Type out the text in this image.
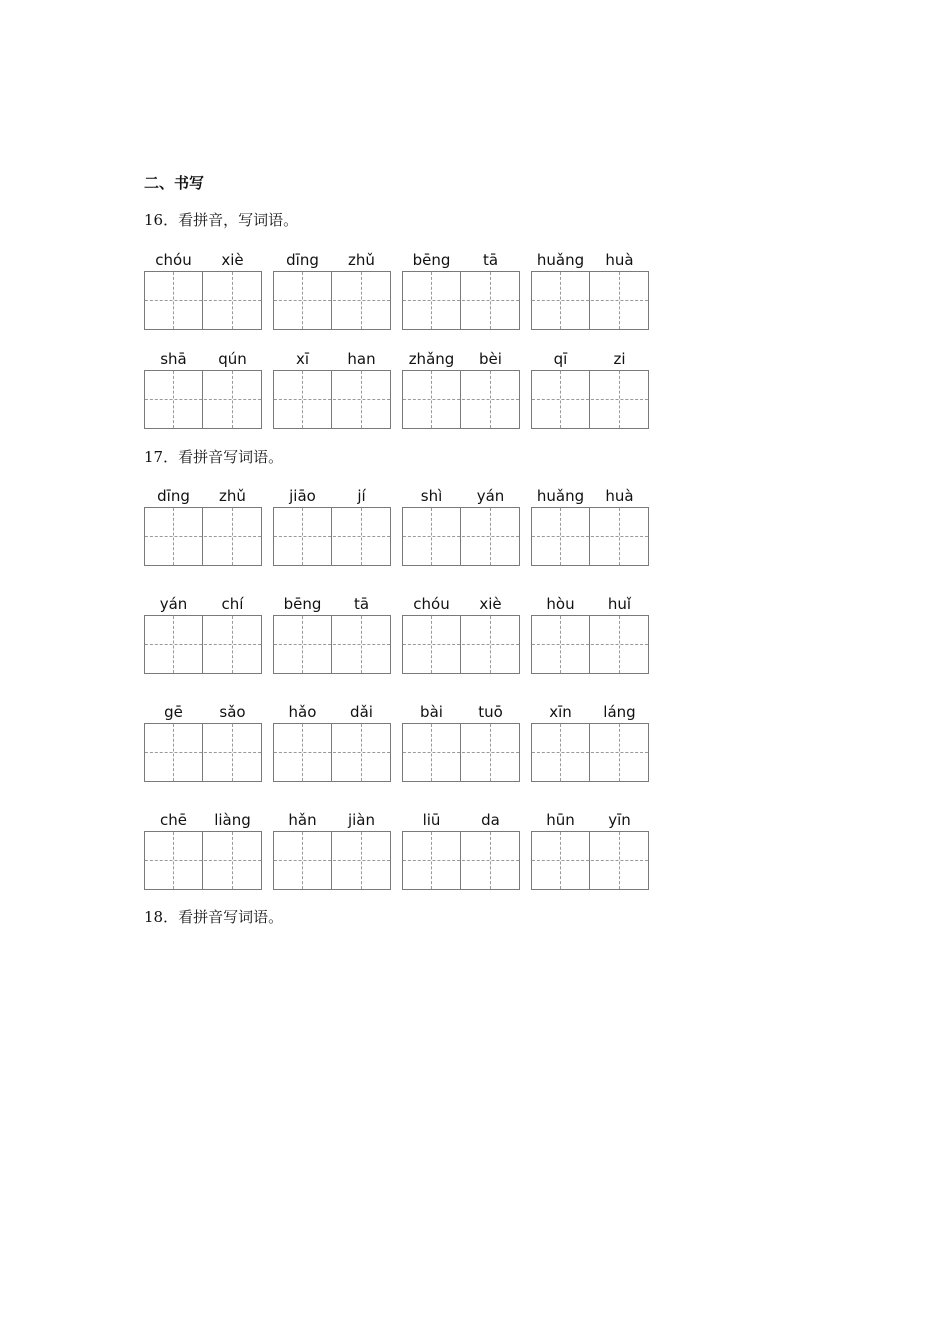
二、书写
16．看拼音，写词语。
17．看拼音写词语。
18．看拼音写词语。
chóu	xiè	dīng	zhǔ	bēng	tā	huǎng	huà
shā	qún	xī	han	zhǎng	bèi	qī	zi
dīng	zhǔ	jiāo	jí	shì	yán	huǎng	huà
yán	chí	bēng	tā	chóu	xiè	hòu	huǐ
gē	sǎo	hǎo	dǎi	bài	tuō	xīn	láng
chē	liàng	hǎn	jiàn	liū	da	hūn	yīn
